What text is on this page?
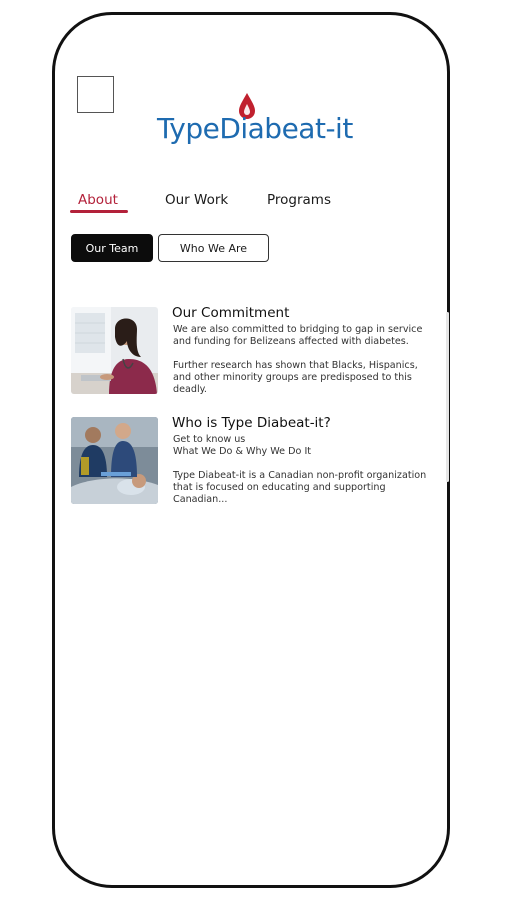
TypeDiabeat-it
About	Our Work	Programs
Our Team	Who We Are
Our Commitment
We are also committed to bridging to gap in service and funding for Belizeans affected with diabetes.
Further research has shown that Blacks, Hispanics, and other minority groups are predisposed to this deadly.
Who is Type Diabeat-it?
Get to know us
What We Do & Why We Do It
Type Diabeat-it is a Canadian non-profit organization that is focused on educating and supporting Canadian...
